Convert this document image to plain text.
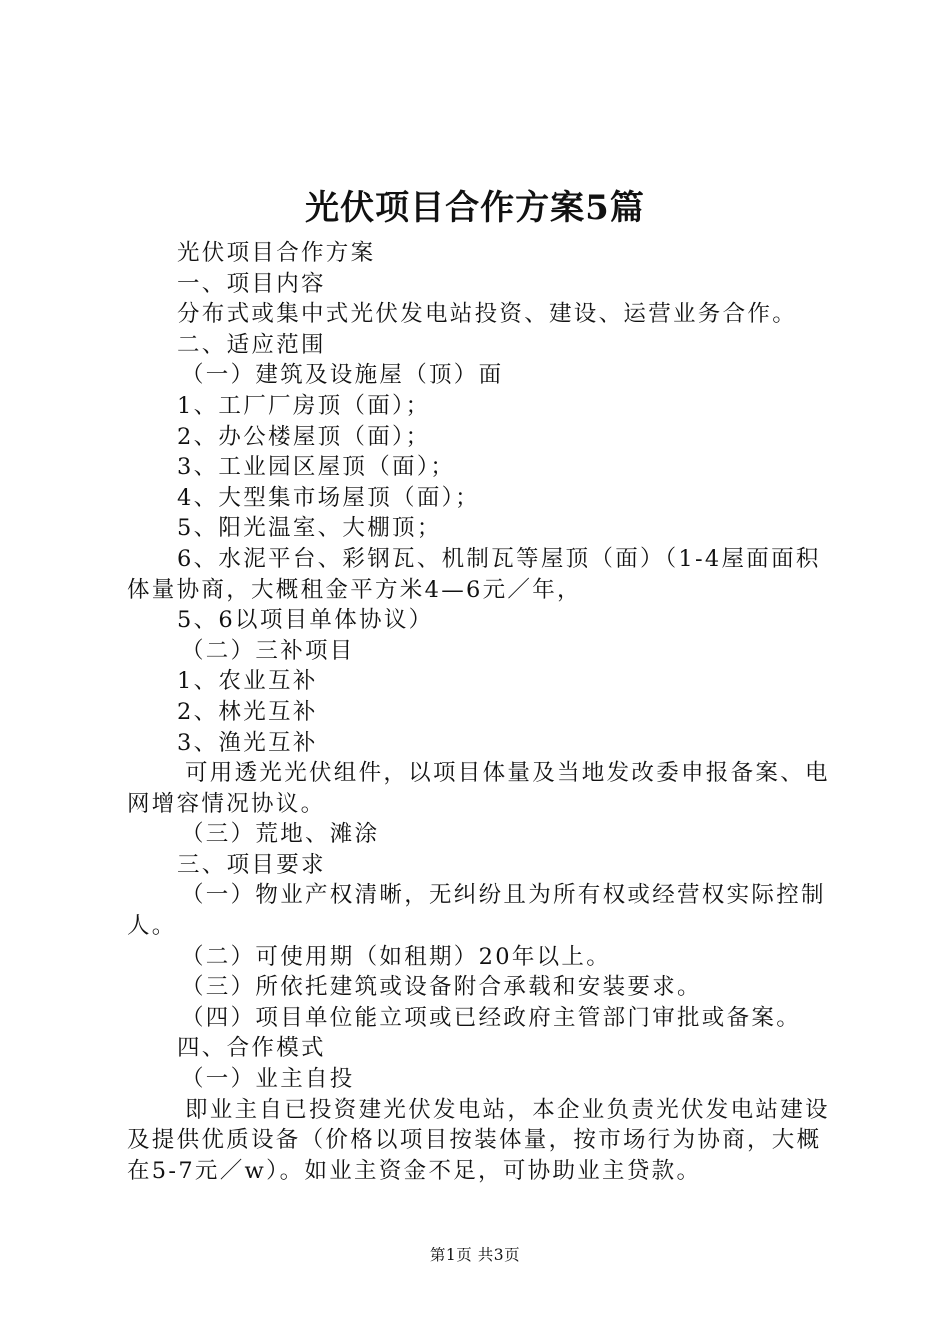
光伏项目合作方案5篇

光伏项目合作方案

一、项目内容

分布式或集中式光伏发电站投资、建设、运营业务合作。

二、适应范围

（一）建筑及设施屋（顶）面

1、工厂厂房顶（面）；

2、办公楼屋顶（面）；

3、工业园区屋顶（面）；

4、大型集市场屋顶（面）；

5、阳光温室、大棚顶；

6、水泥平台、彩钢瓦、机制瓦等屋顶（面）（1-4屋面面积体量协商，大概租金平方米4—6元／年，

5、6以项目单体协议）

（二）三补项目

1、农业互补

2、林光互补

3、渔光互补

可用透光光伏组件，以项目体量及当地发改委申报备案、电网增容情况协议。

（三）荒地、滩涂

三、项目要求

（一）物业产权清晰，无纠纷且为所有权或经营权实际控制人。

（二）可使用期（如租期）20年以上。

（三）所依托建筑或设备附合承载和安装要求。

（四）项目单位能立项或已经政府主管部门审批或备案。

四、合作模式

（一）业主自投

即业主自已投资建光伏发电站，本企业负责光伏发电站建设及提供优质设备（价格以项目按装体量，按市场行为协商，大概在5-7元／w）。如业主资金不足，可协助业主贷款。

第1页 共3页
